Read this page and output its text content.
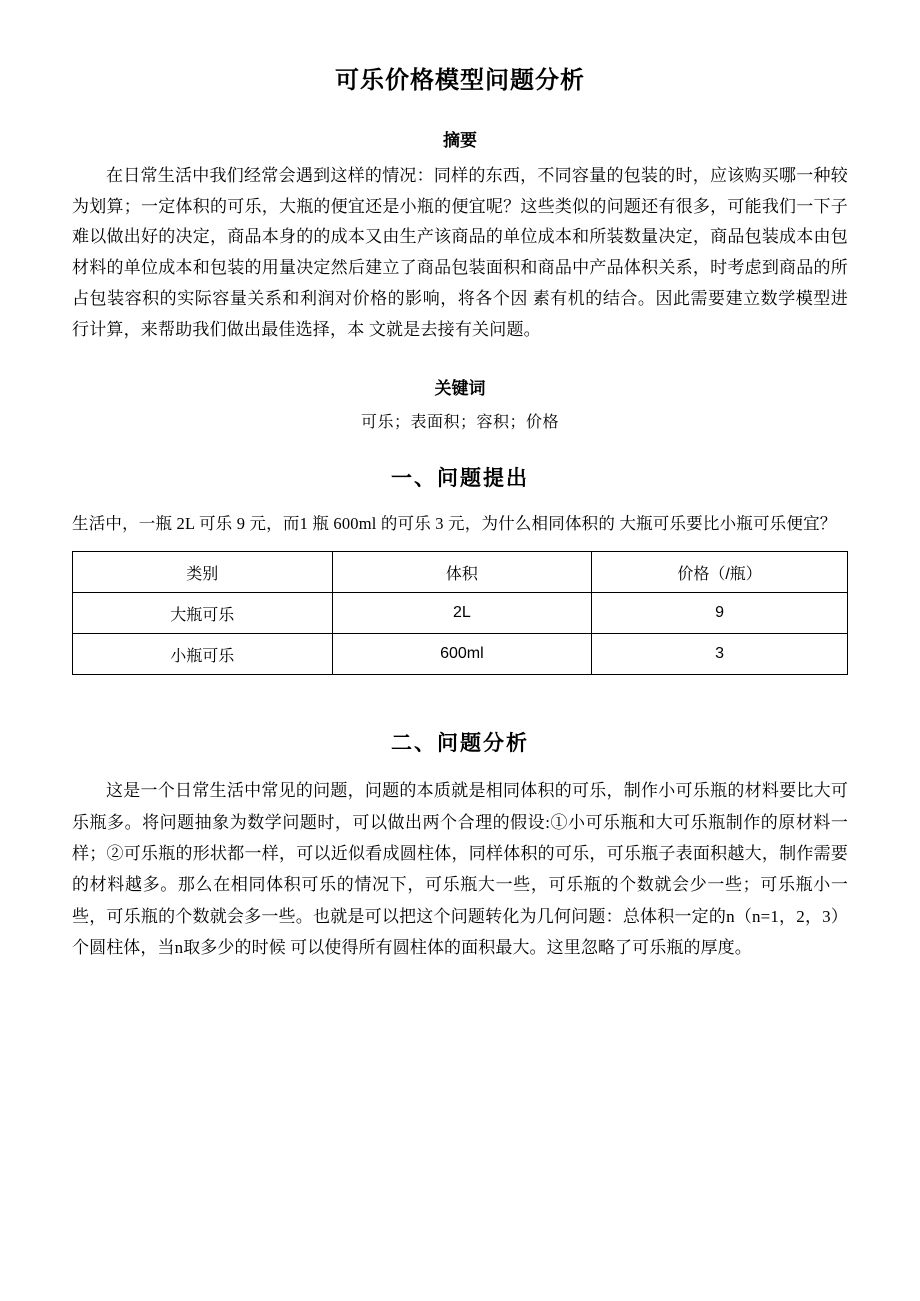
可乐价格模型问题分析
摘要

在日常生活中我们经常会遇到这样的情况：同样的东西，不同容量的包装的时，应该购买哪一种较为划算；一定体积的可乐，大瓶的便宜还是小瓶的便宜呢？这些类似的问题还有很多，可能我们一下子难以做出好的决定，商品本身的的成本又由生产该商品的单位成本和所装数量决定，商品包装成本由包材料的单位成本和包装的用量决定然后建立了商品包装面积和商品中产品体积关系，时考虑到商品的所占包装容积的实际容量关系和利润对价格的影响，将各个因 素有机的结合。因此需要建立数学模型进行计算，来帮助我们做出最佳选择，本 文就是去接有关问题。

关键词
可乐；表面积；容积；价格
一、问题提出

生活中，一瓶 2L 可乐 9 元，而1 瓶 600ml 的可乐 3 元，为什么相同体积的 大瓶可乐要比小瓶可乐便宜？

类别	体积	价格（/瓶）
大瓶可乐	2L	9
小瓶可乐	600ml	3
二、问题分析

这是一个日常生活中常见的问题，问题的本质就是相同体积的可乐，制作小可乐瓶的材料要比大可乐瓶多。将问题抽象为数学问题时，可以做出两个合理的假设:①小可乐瓶和大可乐瓶制作的原材料一样；②可乐瓶的形状都一样，可以近似看成圆柱体，同样体积的可乐，可乐瓶子表面积越大，制作需要的材料越多。那么在相同体积可乐的情况下，可乐瓶大一些，可乐瓶的个数就会少一些；可乐瓶小一些，可乐瓶的个数就会多一些。也就是可以把这个问题转化为几何问题：总体积一定的n（n=1，2，3）个圆柱体，当n取多少的时候 可以使得所有圆柱体的面积最大。这里忽略了可乐瓶的厚度。
